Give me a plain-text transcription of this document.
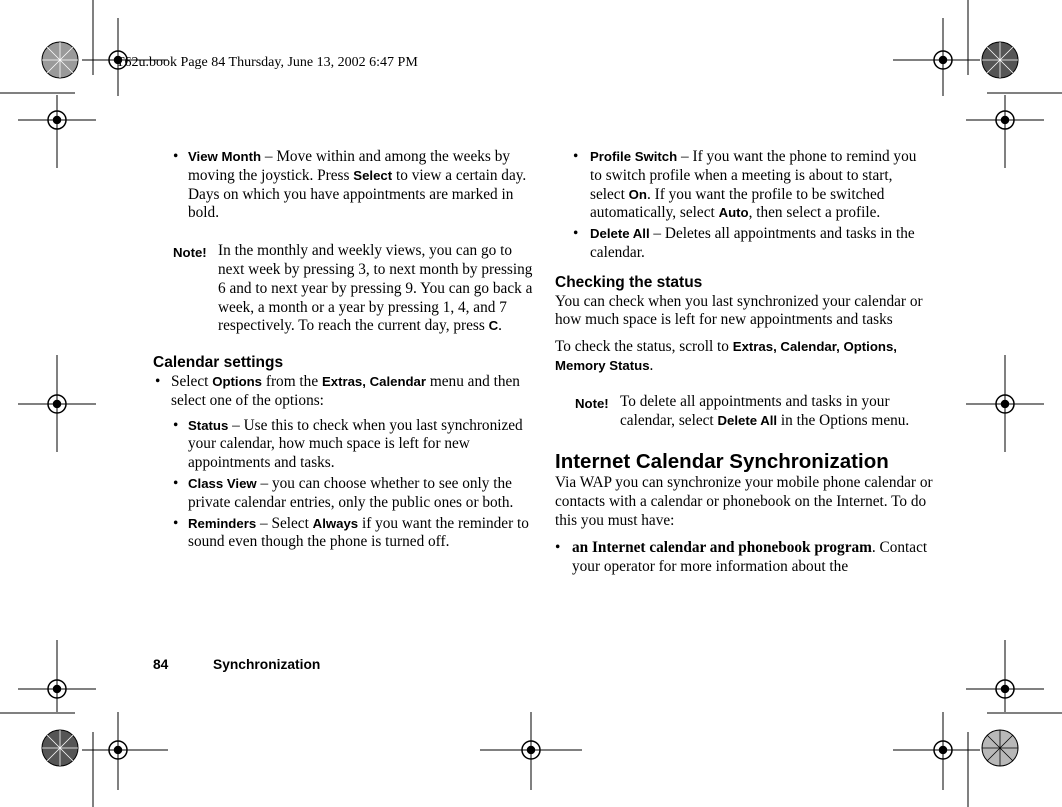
T62u.book Page 84 Thursday, June 13, 2002 6:47 PM
• View Month – Move within and among the weeks by moving the joystick. Press Select to view a certain day. Days on which you have appointments are marked in bold.
Note! In the monthly and weekly views, you can go to next week by pressing 3, to next month by pressing 6 and to next year by pressing 9. You can go back a week, a month or a year by pressing 1, 4, and 7 respectively. To reach the current day, press C.
Calendar settings
• Select Options from the Extras, Calendar menu and then select one of the options:
• Status – Use this to check when you last synchronized your calendar, how much space is left for new appointments and tasks.
• Class View – you can choose whether to see only the private calendar entries, only the public ones or both.
• Reminders – Select Always if you want the reminder to sound even though the phone is turned off.
• Profile Switch – If you want the phone to remind you to switch profile when a meeting is about to start, select On. If you want the profile to be switched automatically, select Auto, then select a profile.
• Delete All – Deletes all appointments and tasks in the calendar.
Checking the status
You can check when you last synchronized your calendar or how much space is left for new appointments and tasks
To check the status, scroll to Extras, Calendar, Options, Memory Status.
Note! To delete all appointments and tasks in your calendar, select Delete All in the Options menu.
Internet Calendar Synchronization
Via WAP you can synchronize your mobile phone calendar or contacts with a calendar or phonebook on the Internet. To do this you must have:
• an Internet calendar and phonebook program. Contact your operator for more information about the
84	Synchronization
